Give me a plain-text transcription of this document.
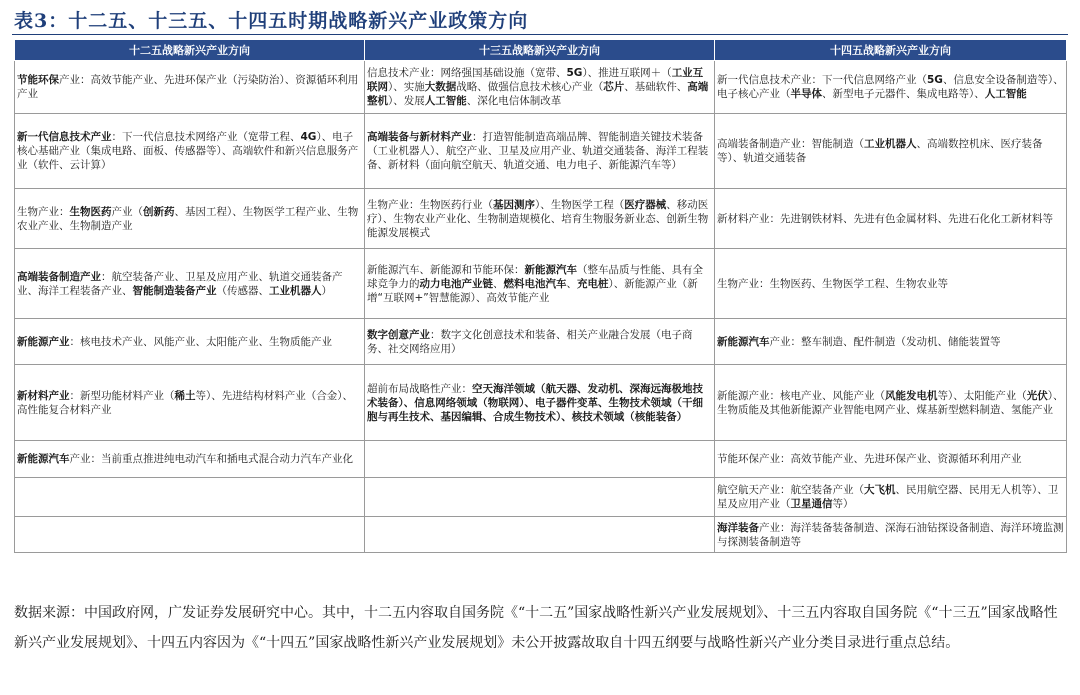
表3：十二五、十三五、十四五时期战略新兴产业政策方向
十二五战略新兴产业方向	十三五战略新兴产业方向	十四五战略新兴产业方向
节能环保产业：高效节能产业、先进环保产业（污染防治）、资源循环利用产业	信息技术产业：网络强国基础设施（宽带、5G）、推进互联网＋（工业互联网）、实施大数据战略、做强信息技术核心产业（芯片、基础软件、高端整机）、发展人工智能、深化电信体制改革	新一代信息技术产业：下一代信息网络产业（5G、信息安全设备制造等）、电子核心产业（半导体、新型电子元器件、集成电路等）、人工智能
新一代信息技术产业：下一代信息技术网络产业（宽带工程、4G）、电子核心基础产业（集成电路、面板、传感器等）、高端软件和新兴信息服务产业（软件、云计算）	高端装备与新材料产业：打造智能制造高端品牌、智能制造关键技术装备（工业机器人）、航空产业、卫星及应用产业、轨道交通装备、海洋工程装备、新材料（面向航空航天、轨道交通、电力电子、新能源汽车等）	高端装备制造产业：智能制造（工业机器人、高端数控机床、医疗装备等）、轨道交通装备
生物产业：生物医药产业（创新药、基因工程）、生物医学工程产业、生物农业产业、生物制造产业	生物产业：生物医药行业（基因测序）、生物医学工程（医疗器械、移动医疗）、生物农业产业化、生物制造规模化、培育生物服务新业态、创新生物能源发展模式	新材料产业：先进钢铁材料、先进有色金属材料、先进石化化工新材料等
高端装备制造产业：航空装备产业、卫星及应用产业、轨道交通装备产业、海洋工程装备产业、智能制造装备产业（传感器、工业机器人）	新能源汽车、新能源和节能环保：新能源汽车（整车品质与性能、具有全球竞争力的动力电池产业链、燃料电池汽车、充电桩）、新能源产业（新增“互联网+”智慧能源）、高效节能产业	生物产业：生物医药、生物医学工程、生物农业等
新能源产业：核电技术产业、风能产业、太阳能产业、生物质能产业	数字创意产业：数字文化创意技术和装备、相关产业融合发展（电子商务、社交网络应用）	新能源汽车产业：整车制造、配件制造（发动机、储能装置等
新材料产业：新型功能材料产业（稀土等）、先进结构材料产业（合金）、高性能复合材料产业	超前布局战略性产业：空天海洋领域（航天器、发动机、深海远海极地技术装备）、信息网络领域（物联网）、电子器件变革、生物技术领域（干细胞与再生技术、基因编辑、合成生物技术）、核技术领域（核能装备）	新能源产业：核电产业、风能产业（风能发电机等）、太阳能产业（光伏）、生物质能及其他新能源产业智能电网产业、煤基新型燃料制造、氢能产业
新能源汽车产业：当前重点推进纯电动汽车和插电式混合动力汽车产业化		节能环保产业：高效节能产业、先进环保产业、资源循环利用产业
		航空航天产业：航空装备产业（大飞机、民用航空器、民用无人机等）、卫星及应用产业（卫星通信等）
		海洋装备产业：海洋装备装备制造、深海石油钻探设备制造、海洋环境监测与探测装备制造等
数据来源：中国政府网，广发证券发展研究中心。其中，十二五内容取自国务院《“十二五”国家战略性新兴产业发展规划》、十三五内容取自国务院《“十三五”国家战略性新兴产业发展规划》、十四五内容因为《“十四五”国家战略性新兴产业发展规划》未公开披露故取自十四五纲要与战略性新兴产业分类目录进行重点总结。
